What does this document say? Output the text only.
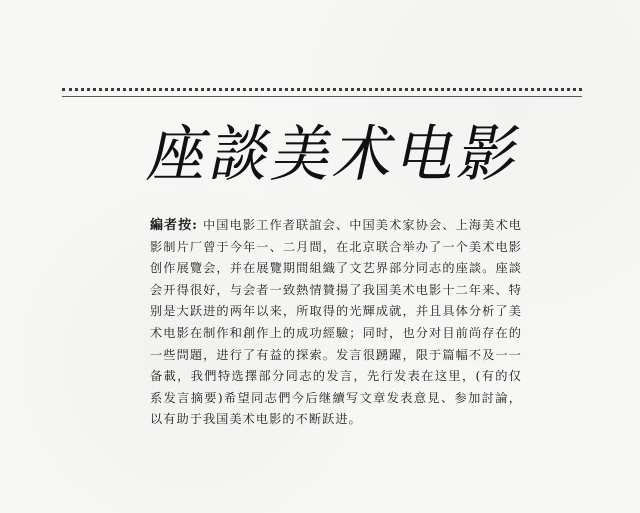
座談美术电影
編者按: 中国电影工作者联誼会、中国美术家协会、上海美术电影制片厂曾于今年一、二月間，在北京联合举办了一个美术电影创作展覽会，并在展覽期間組織了文艺界部分同志的座談。座談会开得很好，与会者一致熱情贊揚了我国美术电影十二年来、特别是大跃进的两年以来，所取得的光輝成就，并且具体分析了美术电影在制作和創作上的成功經驗；同时，也分对目前尚存在的一些問題，进行了有益的探索。发言很踴躍，限于篇幅不及一一备載，我們特选擇部分同志的发言，先行发表在这里，(有的仅系发言摘要)希望同志們今后继續写文章发表意見、参加討論，以有助于我国美术电影的不断跃进。
